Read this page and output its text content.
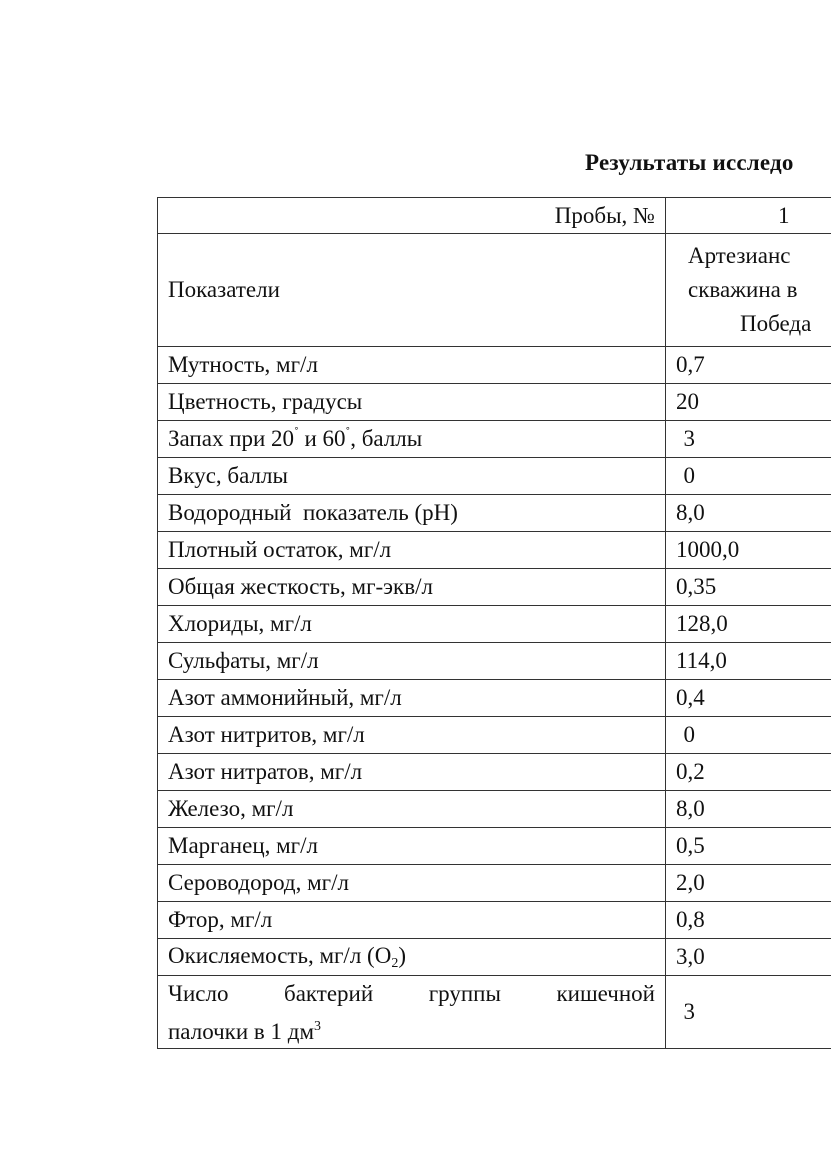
Результаты исследо
Пробы, №	1
Показатели	Артезианс
скважина в
Победа

Мутность, мг/л	0,7
Цветность, градусы	20
Запах при 20˚ и 60˚, баллы	3
Вкус, баллы	0
Водородный  показатель (pH)	8,0
Плотный остаток, мг/л	1000,0
Общая жесткость, мг-экв/л	0,35
Хлориды, мг/л	128,0
Сульфаты, мг/л	114,0
Азот аммонийный, мг/л	0,4
Азот нитритов, мг/л	0
Азот нитратов, мг/л	0,2
Железо, мг/л	8,0
Марганец, мг/л	0,5
Сероводород, мг/л	2,0
Фтор, мг/л	0,8
Окисляемость, мг/л $(О_2)$	3,0

Число бактерий группы кишечной
палочки в 1 $дм^3$	3
